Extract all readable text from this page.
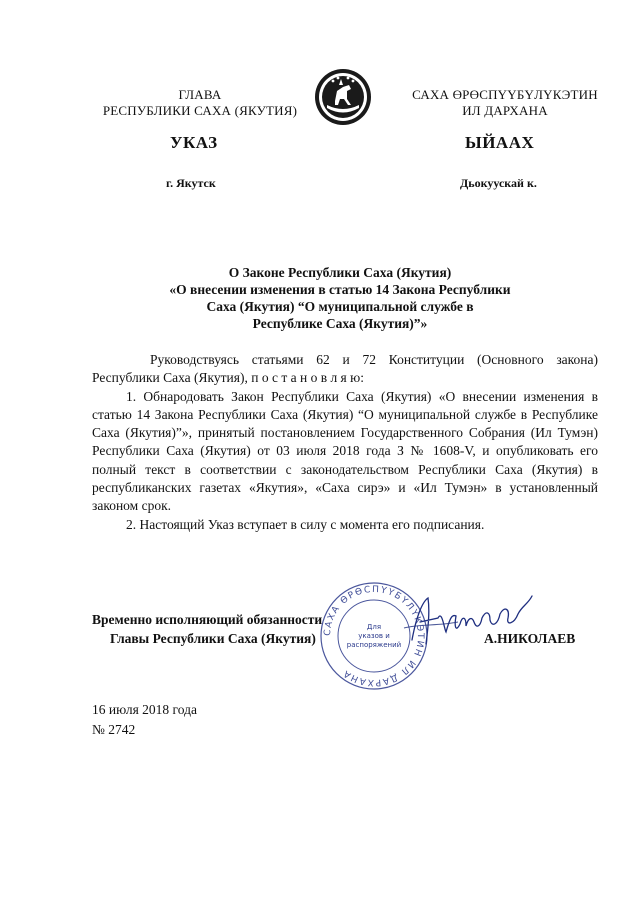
ГЛАВА
РЕСПУБЛИКИ САХА (ЯКУТИЯ)
САХА ӨРӨСПҮҮБҮЛҮКЭТИН
ИЛ ДАРХАНА
УКАЗ	ЫЙААХ
г. Якутск	Дьокуускай к.
О Законе Республики Саха (Якутия)
«О внесении изменения в статью 14 Закона Республики
Саха (Якутия) “О муниципальной службе в
Республике Саха (Якутия)”»

Руководствуясь статьями 62 и 72 Конституции (Основного закона) Республики Саха (Якутия), п о с т а н о в л я ю:

1. Обнародовать Закон Республики Саха (Якутия) «О внесении изменения в статью 14 Закона Республики Саха (Якутия) “О муниципальной службе в Республике Саха (Якутия)”», принятый постановлением Государственного Собрания (Ил Тумэн) Республики Саха (Якутия) от 03 июля 2018 года З № 1608-V, и опубликовать его полный текст в соответствии с законодательством Республики Саха (Якутия) в республиканских газетах «Якутия», «Саха сирэ» и «Ил Тумэн» в установленный законом срок.

2. Настоящий Указ вступает в силу с момента его подписания.

САХА ӨРӨСПҮҮБҮЛҮКЭТИН ИЛ ДАРХАНА
Для
указов и
распоряжений
Временно исполняющий обязанности
Главы Республики Саха (Якутия)	А.НИКОЛАЕВ
16 июля 2018 года
№ 2742
